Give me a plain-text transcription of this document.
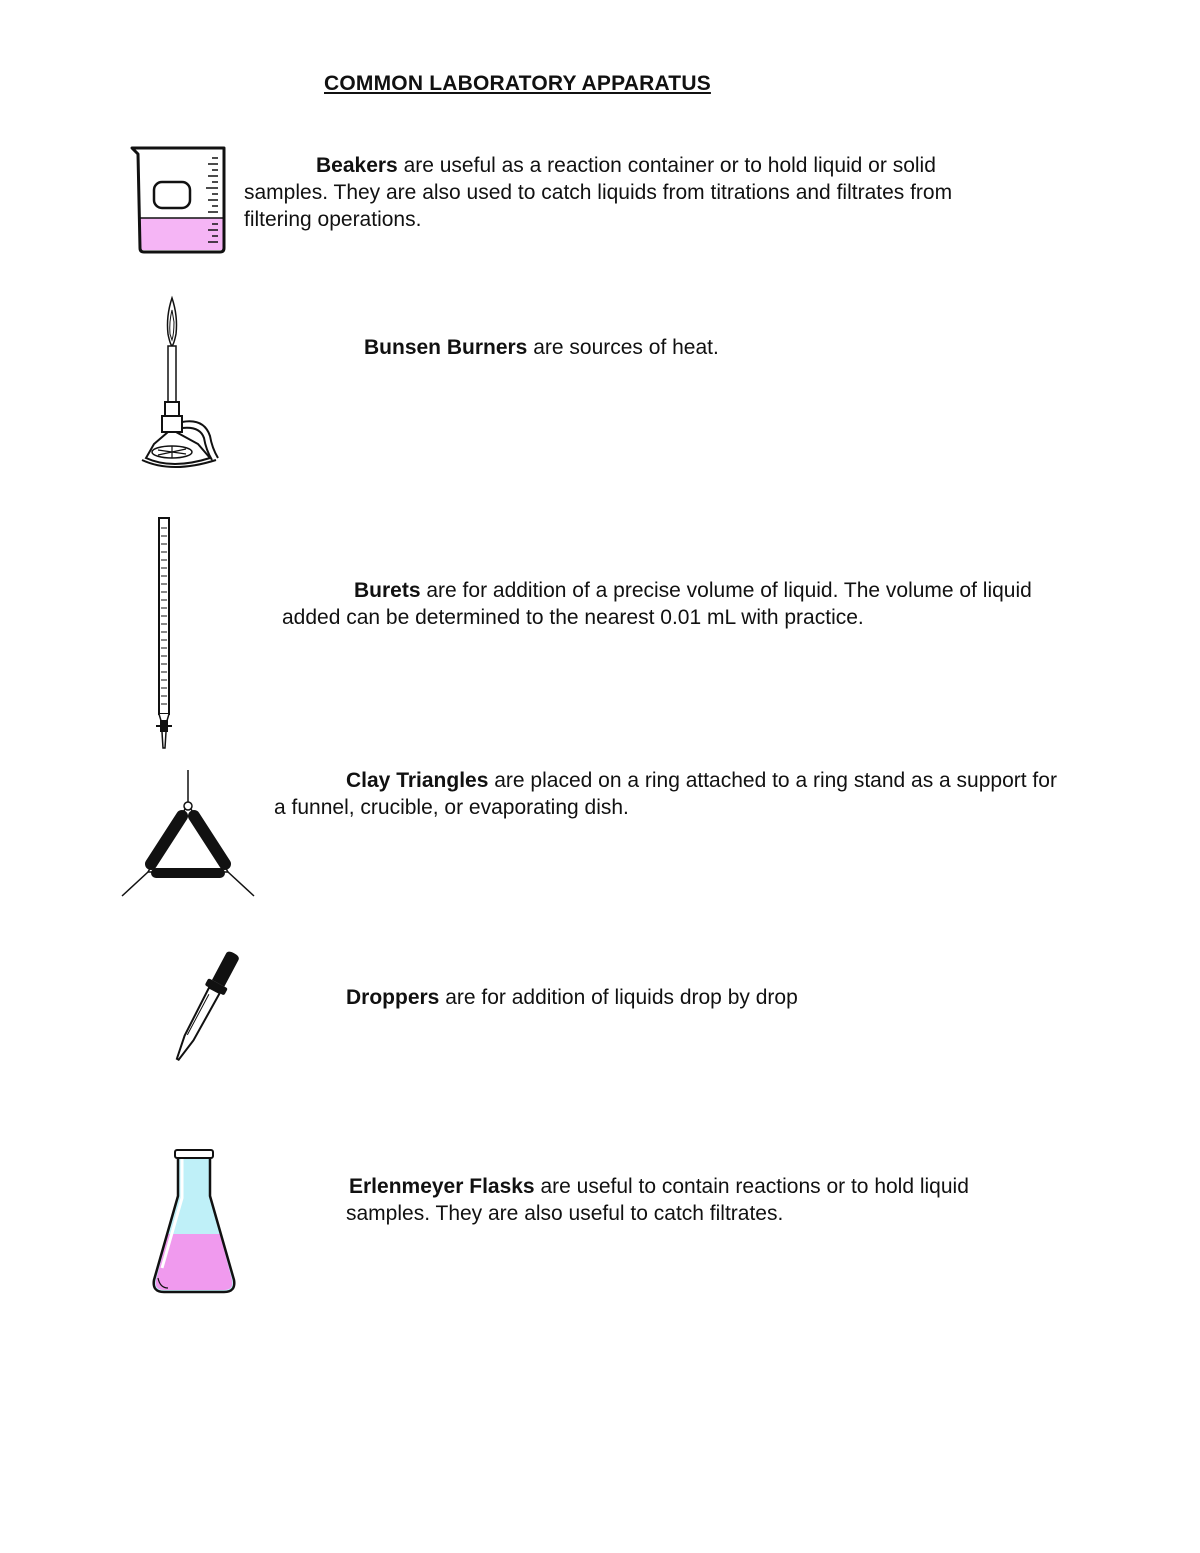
COMMON LABORATORY APPARATUS

Beakers are useful as a reaction container or to hold liquid or solid samples. They are also used to catch liquids from titrations and filtrates from filtering operations.

Bunsen Burners are sources of heat.

Burets are for addition of a precise volume of liquid. The volume of liquid added can be determined to the nearest 0.01 mL with practice.

Clay Triangles are placed on a ring attached to a ring stand as a support for a funnel, crucible, or evaporating dish.

Droppers are for addition of liquids drop by drop

Erlenmeyer Flasks are useful to contain reactions or to hold liquid samples. They are also useful to catch filtrates.
